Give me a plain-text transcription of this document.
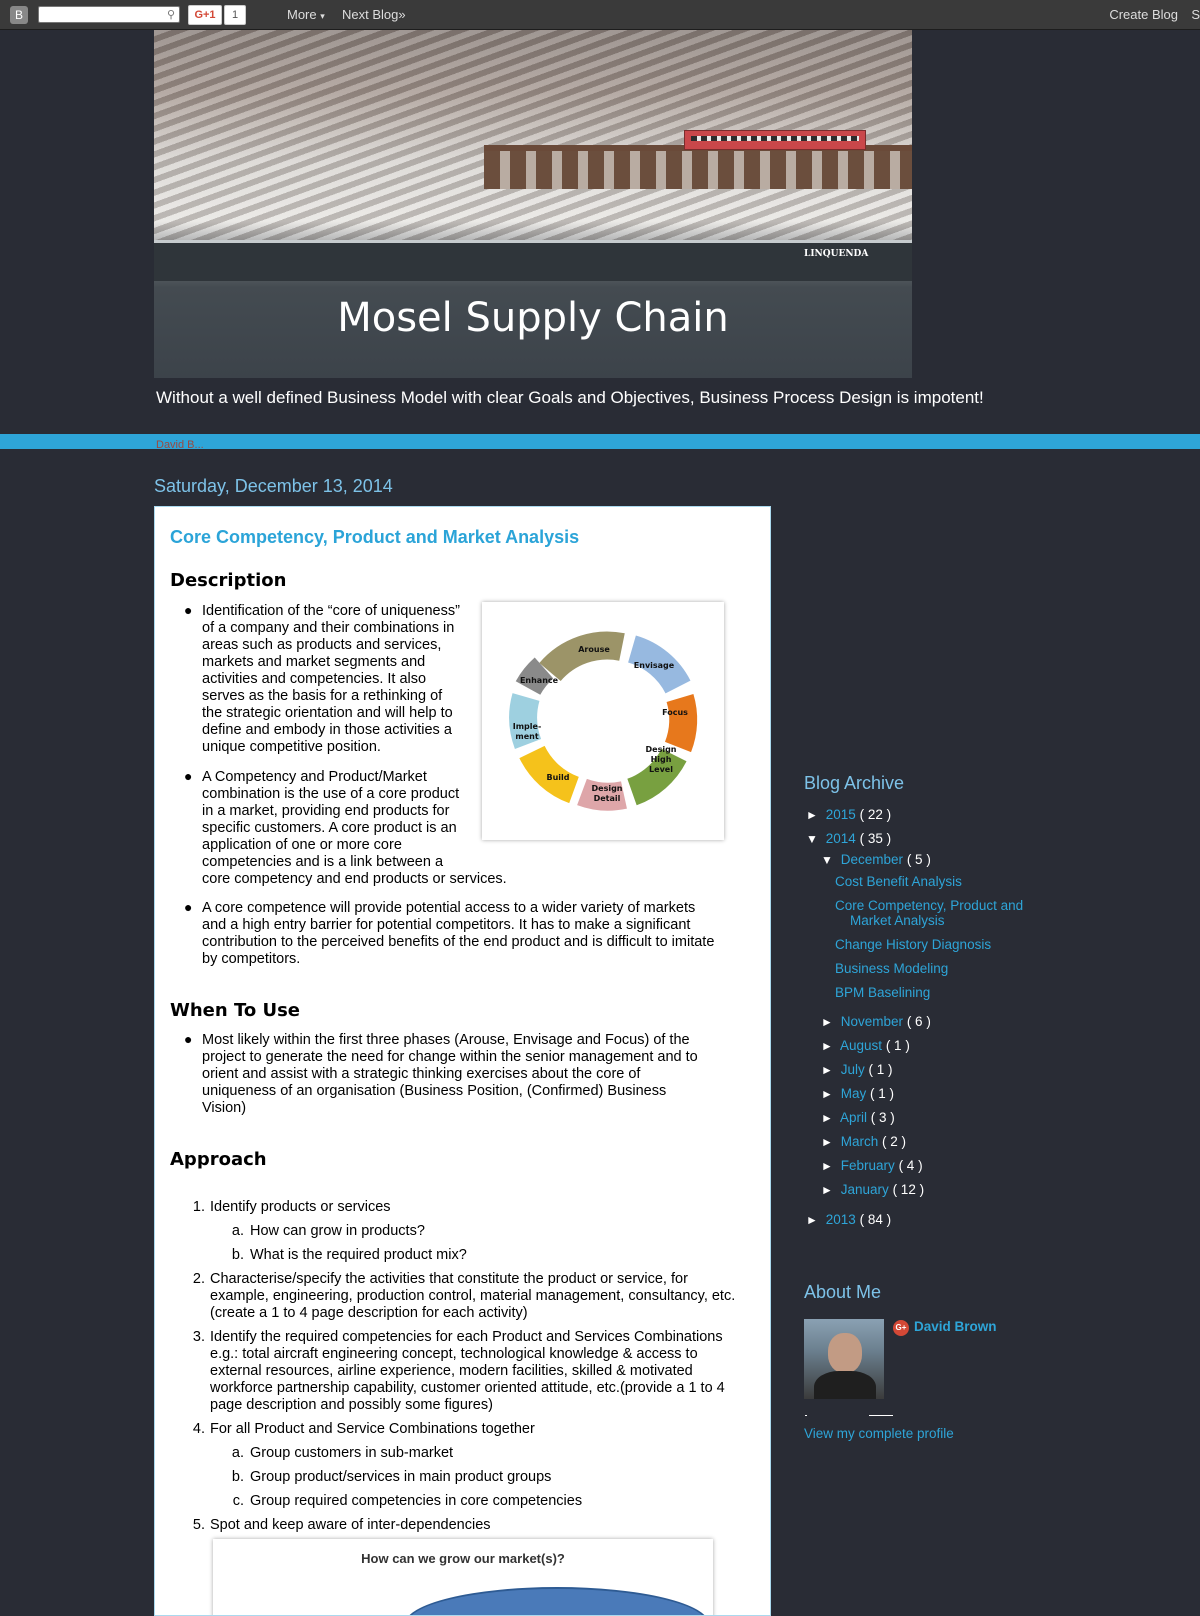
B	⚲	G+1	1	More ▾ Next Blog»	Create Blog S
LINQUENDA
Mosel Supply Chain
Without a well defined Business Model with clear Goals and Objectives, Business Process Design is impotent!
David B...
Saturday, December 13, 2014
Core Competency, Product and Market Analysis
Description
● Identification of the “core of uniqueness”
of a company and their combinations in
areas such as products and services,
markets and market segments and
activities and competencies. It also
serves as the basis for a rethinking of
the strategic orientation and will help to
define and embody in those activities a
unique competitive position.
● A Competency and Product/Market
combination is the use of a core product
in a market, providing end products for
specific customers. A core product is an
application of one or more core
competencies and is a link between a
core competency and end products or services.
● A core competence will provide potential access to a wider variety of markets
and a high entry barrier for potential competitors. It has to make a significant
contribution to the perceived benefits of the end product and is difficult to imitate
by competitors.
Arouse
Envisage
Focus
Design
High
Level
Design
Detail
Build
Imple-
ment
Enhance
When To Use
● Most likely within the first three phases (Arouse, Envisage and Focus) of the
project to generate the need for change within the senior management and to
orient and assist with a strategic thinking exercises about the core of
uniqueness of an organisation (Business Position, (Confirmed) Business
Vision)
Approach
1. Identify products or services
a. How can grow in products?
b. What is the required product mix?
2. Characterise/specify the activities that constitute the product or service, for
example, engineering, production control, material management, consultancy, etc.
(create a 1 to 4 page description for each activity)
3. Identify the required competencies for each Product and Services Combinations
e.g.: total aircraft engineering concept, technological knowledge & access to
external resources, airline experience, modern facilities, skilled & motivated
workforce partnership capability, customer oriented attitude, etc.(provide a 1 to 4
page description and possibly some figures)
4. For all Product and Service Combinations together
a. Group customers in sub-market
b. Group product/services in main product groups
c. Group required competencies in core competencies
5. Spot and keep aware of inter-dependencies
How can we grow our market(s)?
Blog Archive
► 2015 ( 22 )
▼ 2014 ( 35 )
▼ December ( 5 )
Cost Benefit Analysis
Core Competency, Product and
Market Analysis
Change History Diagnosis
Business Modeling
BPM Baselining
► November ( 6 )
► August ( 1 )
► July ( 1 )
► May ( 1 )
► April ( 3 )
► March ( 2 )
► February ( 4 )
► January ( 12 )
► 2013 ( 84 )
About Me
G+ David Brown
View my complete profile
